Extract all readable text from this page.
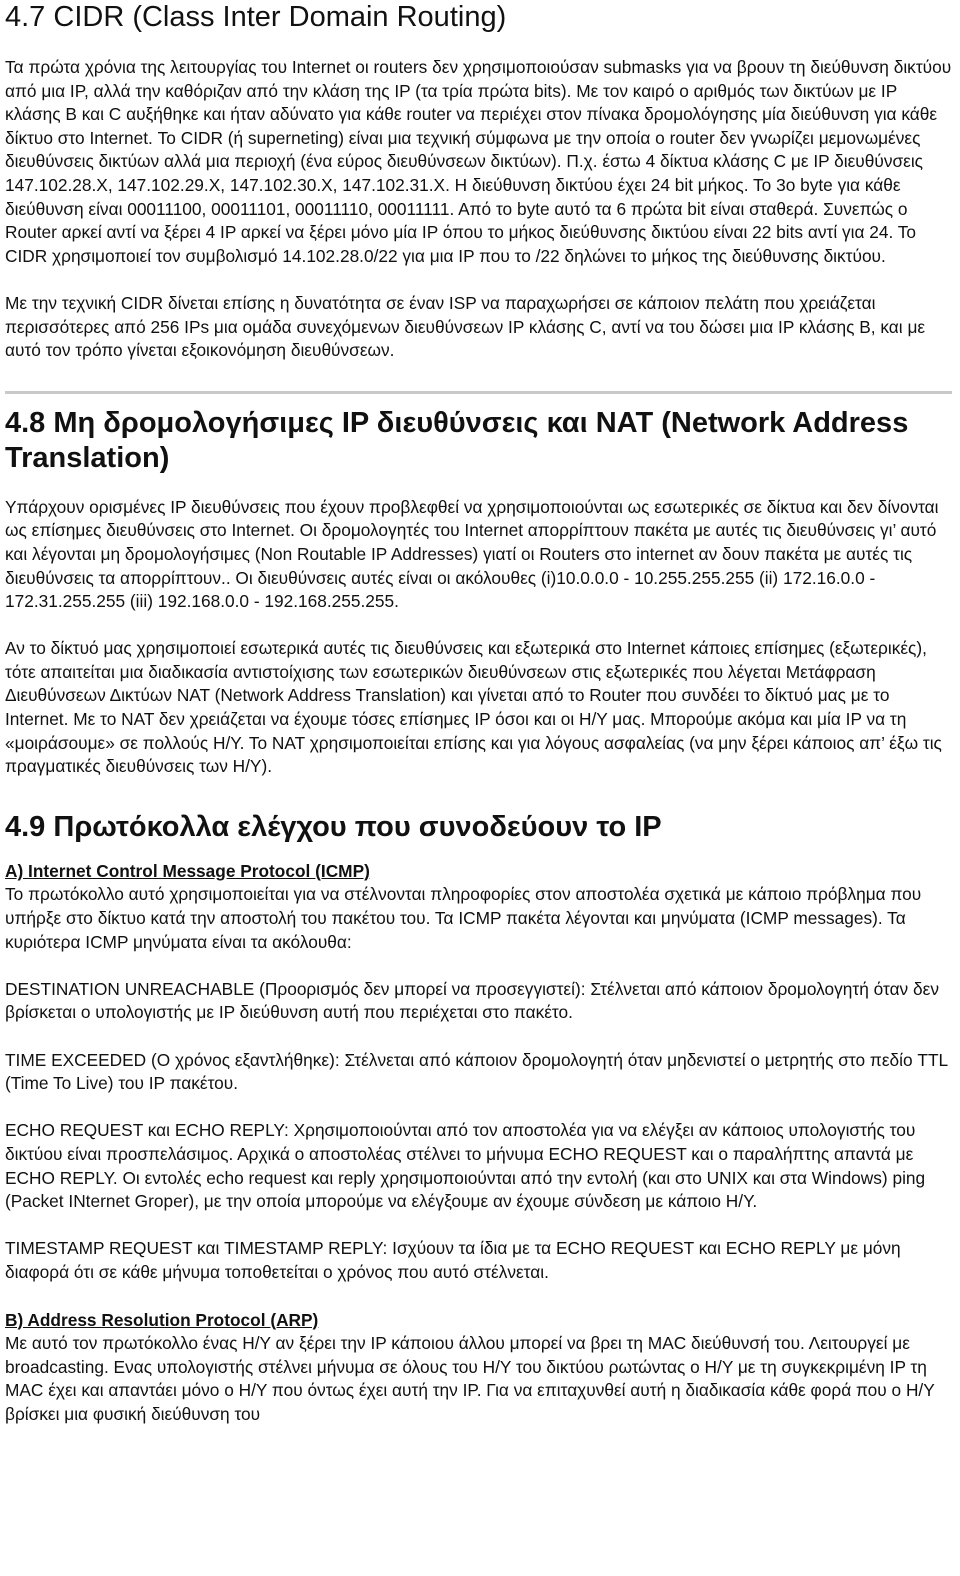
4.7 CIDR (Class Inter Domain Routing)

Τα πρώτα χρόνια της λειτουργίας του Internet οι routers δεν χρησιμοποιούσαν submasks για να βρουν τη διεύθυνση δικτύου από μια IP, αλλά την καθόριζαν από την κλάση της IP (τα τρία πρώτα bits). Με τον καιρό ο αριθμός των δικτύων με IP κλάσης B και C αυξήθηκε και ήταν αδύνατο για κάθε router να περιέχει στον πίνακα δρομολόγησης μία διεύθυνση για κάθε δίκτυο στο Internet. Το CIDR (ή superneting) είναι μια τεχνική σύμφωνα με την οποία ο router δεν γνωρίζει μεμονωμένες διευθύνσεις δικτύων αλλά μια περιοχή (ένα εύρος διευθύνσεων δικτύων). Π.χ. έστω 4 δίκτυα κλάσης C με IP διευθύνσεις 147.102.28.X, 147.102.29.X, 147.102.30.X, 147.102.31.X. Η διεύθυνση δικτύου έχει 24 bit μήκος. Το 3ο byte για κάθε διεύθυνση είναι 00011100, 00011101, 00011110, 00011111. Από το byte αυτό τα 6 πρώτα bit είναι σταθερά. Συνεπώς ο Router αρκεί αντί να ξέρει 4 IP αρκεί να ξέρει μόνο μία IP όπου το μήκος διεύθυνσης δικτύου είναι 22 bits αντί για 24. Το CIDR χρησιμοποιεί τον συμβολισμό 14.102.28.0/22 για μια IP που το /22 δηλώνει το μήκος της διεύθυνσης δικτύου.

Με την τεχνική CIDR δίνεται επίσης η δυνατότητα σε έναν ISP να παραχωρήσει σε κάποιον πελάτη που χρειάζεται περισσότερες από 256 IPs μια ομάδα συνεχόμενων διευθύνσεων IP κλάσης C, αντί να του δώσει μια IP κλάσης B, και με αυτό τον τρόπο γίνεται εξοικονόμηση διευθύνσεων.

4.8 Μη δρομολογήσιμες IP διευθύνσεις και NAT (Network Address Translation)

Υπάρχουν ορισμένες IP διευθύνσεις που έχουν προβλεφθεί να χρησιμοποιούνται ως εσωτερικές σε δίκτυα και δεν δίνονται ως επίσημες διευθύνσεις στο Internet. Οι δρομολογητές του Internet απορρίπτουν πακέτα με αυτές τις διευθύνσεις γι’ αυτό και λέγονται μη δρομολογήσιμες (Non Routable IP Addresses) γιατί οι Routers στο internet αν δουν πακέτα με αυτές τις διευθύνσεις τα απορρίπτουν.. Οι διευθύνσεις αυτές είναι οι ακόλουθες (i)10.0.0.0 - 10.255.255.255 (ii) 172.16.0.0 - 172.31.255.255 (iii) 192.168.0.0 - 192.168.255.255.

Αν το δίκτυό μας χρησιμοποιεί εσωτερικά αυτές τις διευθύνσεις και εξωτερικά στο Internet κάποιες επίσημες (εξωτερικές), τότε απαιτείται μια διαδικασία αντιστοίχισης των εσωτερικών διευθύνσεων στις εξωτερικές που λέγεται Μετάφραση Διευθύνσεων Δικτύων NAT (Network Address Translation) και γίνεται από το Router που συνδέει το δίκτυό μας με το Internet. Με το NAT δεν χρειάζεται να έχουμε τόσες επίσημες IP όσοι και οι Η/Υ μας. Μπορούμε ακόμα και μία IP να τη «μοιράσουμε» σε πολλούς Η/Υ. Το NAT χρησιμοποιείται επίσης και για λόγους ασφαλείας (να μην ξέρει κάποιος απ’ έξω τις πραγματικές διευθύνσεις των Η/Υ).

4.9 Πρωτόκολλα ελέγχου που συνοδεύουν το IP
A) Internet Control Message Protocol (ICMP)

Το πρωτόκολλο αυτό χρησιμοποιείται για να στέλνονται πληροφορίες στον αποστολέα σχετικά με κάποιο πρόβλημα που υπήρξε στο δίκτυο κατά την αποστολή του πακέτου του. Τα ICMP πακέτα λέγονται και μηνύματα (ICMP messages). Τα κυριότερα ICMP μηνύματα είναι τα ακόλουθα:

DESTINATION UNREACHABLE (Προορισμός δεν μπορεί να προσεγγιστεί): Στέλνεται από κάποιον δρομολογητή όταν δεν βρίσκεται ο υπολογιστής με IP διεύθυνση αυτή που περιέχεται στο πακέτο.

TIME EXCEEDED (Ο χρόνος εξαντλήθηκε): Στέλνεται από κάποιον δρομολογητή όταν μηδενιστεί ο μετρητής στο πεδίο TTL (Time To Live) του IP πακέτου.

ECHO REQUEST και ECHO REPLY: Χρησιμοποιούνται από τον αποστολέα για να ελέγξει αν κάποιος υπολογιστής του δικτύου είναι προσπελάσιμος. Αρχικά ο αποστολέας στέλνει το μήνυμα ECHO REQUEST και ο παραλήπτης απαντά με ECHO REPLY. Οι εντολές echo request και reply χρησιμοποιούνται από την εντολή (και στο UNIX και στα Windows) ping (Packet INternet Groper), με την οποία μπορούμε να ελέγξουμε αν έχουμε σύνδεση με κάποιο Η/Υ.

TIMESTAMP REQUEST και TIMESTAMP REPLY: Ισχύουν τα ίδια με τα ECHO REQUEST και ECHO REPLY με μόνη διαφορά ότι σε κάθε μήνυμα τοποθετείται ο χρόνος που αυτό στέλνεται.

B) Address Resolution Protocol (ARP)

Με αυτό τον πρωτόκολλο ένας Η/Υ αν ξέρει την IP κάποιου άλλου μπορεί να βρει τη MAC διεύθυνσή του. Λειτουργεί με broadcasting. Ενας υπολογιστής στέλνει μήνυμα σε όλους του Η/Υ του δικτύου ρωτώντας ο Η/Υ με τη συγκεκριμένη IP τη MAC έχει και απαντάει μόνο ο Η/Υ που όντως έχει αυτή την IP. Για να επιταχυνθεί αυτή η διαδικασία κάθε φορά που ο Η/Υ βρίσκει μια φυσική διεύθυνση του
